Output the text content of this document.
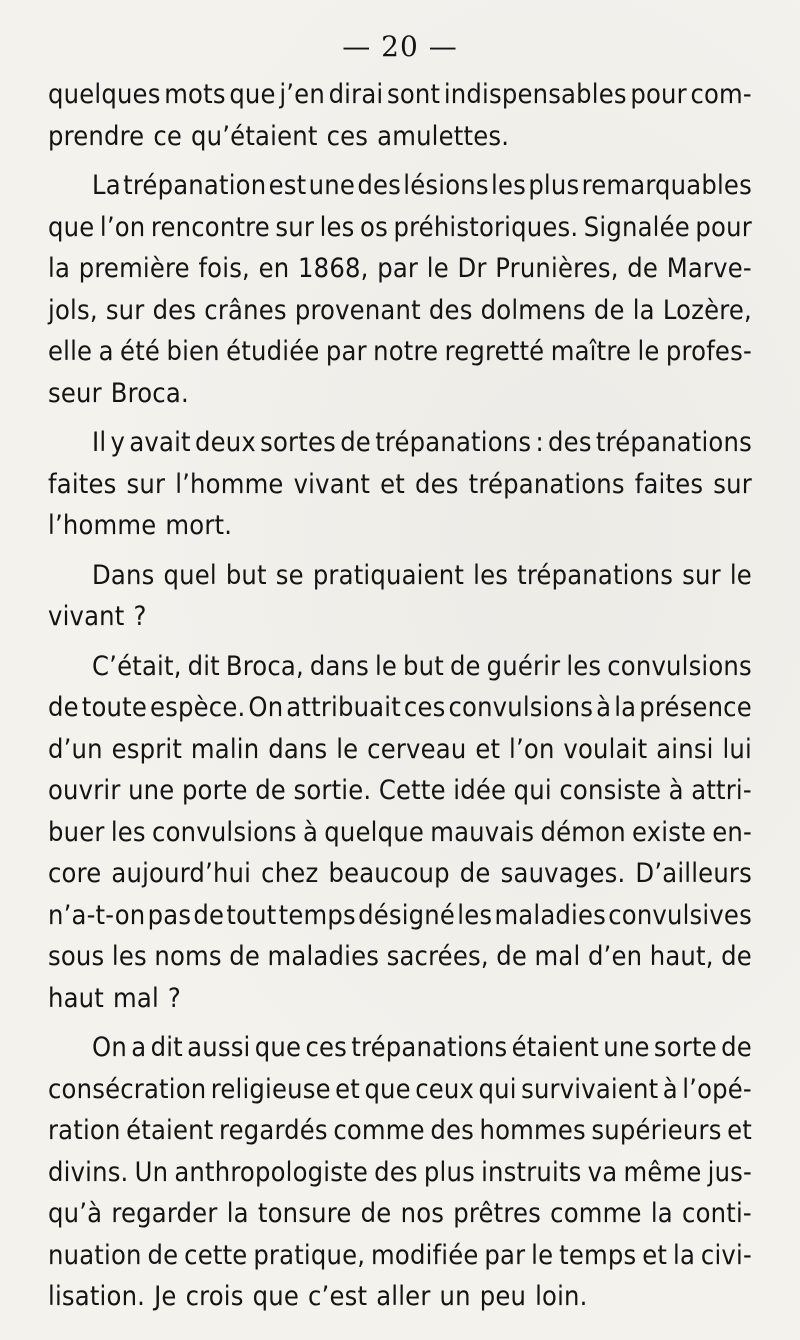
— 20 —
quelques mots que j’en dirai sont indispensables pour com-
prendre ce qu’étaient ces amulettes.
La trépanation est une des lésions les plus remarquables
que l’on rencontre sur les os préhistoriques. Signalée pour
la première fois, en 1868, par le Dr Prunières, de Marve-
jols, sur des crânes provenant des dolmens de la Lozère,
elle a été bien étudiée par notre regretté maître le profes-
seur Broca.
Il y avait deux sortes de trépanations : des trépanations
faites sur l’homme vivant et des trépanations faites sur
l’homme mort.
Dans quel but se pratiquaient les trépanations sur le
vivant ?
C’était, dit Broca, dans le but de guérir les convulsions
de toute espèce. On attribuait ces convulsions à la présence
d’un esprit malin dans le cerveau et l’on voulait ainsi lui
ouvrir une porte de sortie. Cette idée qui consiste à attri-
buer les convulsions à quelque mauvais démon existe en-
core aujourd’hui chez beaucoup de sauvages. D’ailleurs
n’a-t-on pas de tout temps désigné les maladies convulsives
sous les noms de maladies sacrées, de mal d’en haut, de
haut mal ?
On a dit aussi que ces trépanations étaient une sorte de
consécration religieuse et que ceux qui survivaient à l’opé-
ration étaient regardés comme des hommes supérieurs et
divins. Un anthropologiste des plus instruits va même jus-
qu’à regarder la tonsure de nos prêtres comme la conti-
nuation de cette pratique, modifiée par le temps et la civi-
lisation. Je crois que c’est aller un peu loin.
